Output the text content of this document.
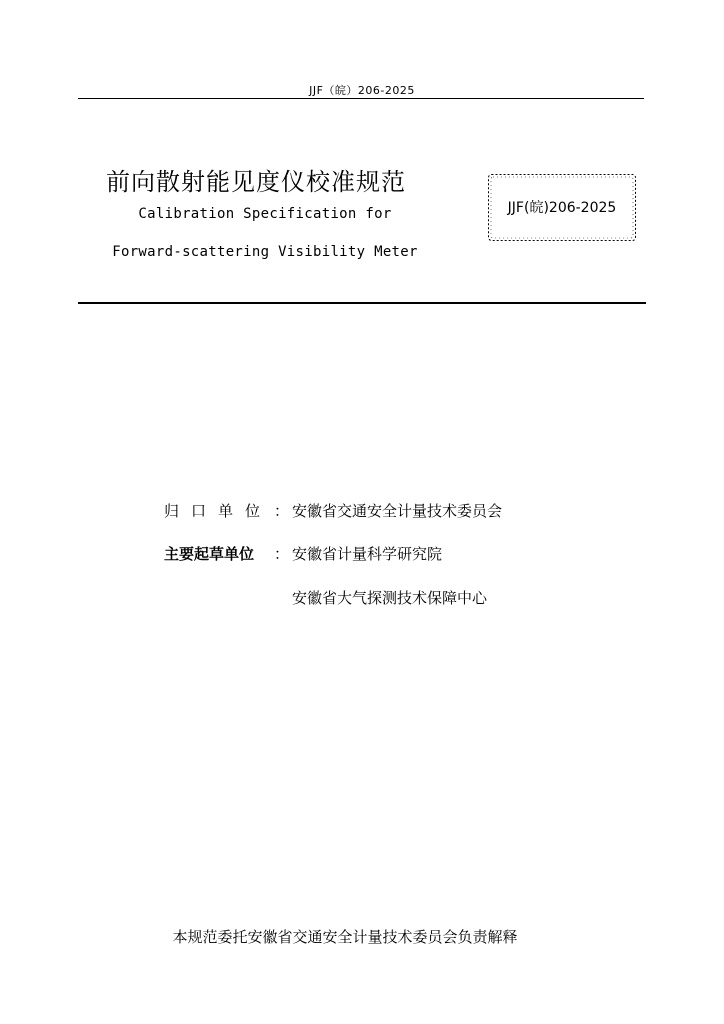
JJF（皖）206-2025
前向散射能见度仪校准规范
Calibration Specification for
Forward-scattering Visibility Meter
JJF(皖)206-2025
归口单位 ： 安徽省交通安全计量技术委员会
主要起草单位 ： 安徽省计量科学研究院
安徽省大气探测技术保障中心
本规范委托安徽省交通安全计量技术委员会负责解释
